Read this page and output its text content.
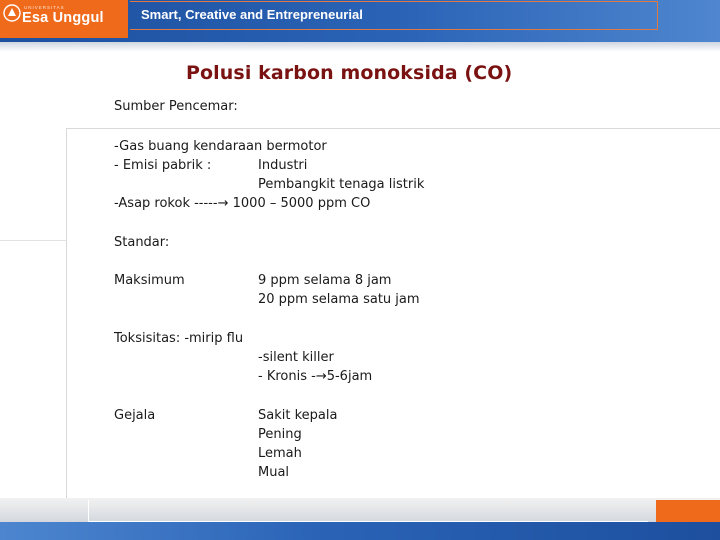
UNIVERSITAS
Esa Unggul	Smart, Creative and Entrepreneurial
Polusi karbon monoksida (CO)
Sumber Pencemar:
-Gas buang kendaraan bermotor
- Emisi pabrik :	Industri
Pembangkit tenaga listrik
-Asap rokok -----→ 1000 – 5000 ppm CO
Standar:
Maksimum	9 ppm selama 8 jam
20 ppm selama satu jam
Toksisitas: -mirip flu
-silent killer
- Kronis -→5-6jam
Gejala	Sakit kepala
Pening
Lemah
Mual
